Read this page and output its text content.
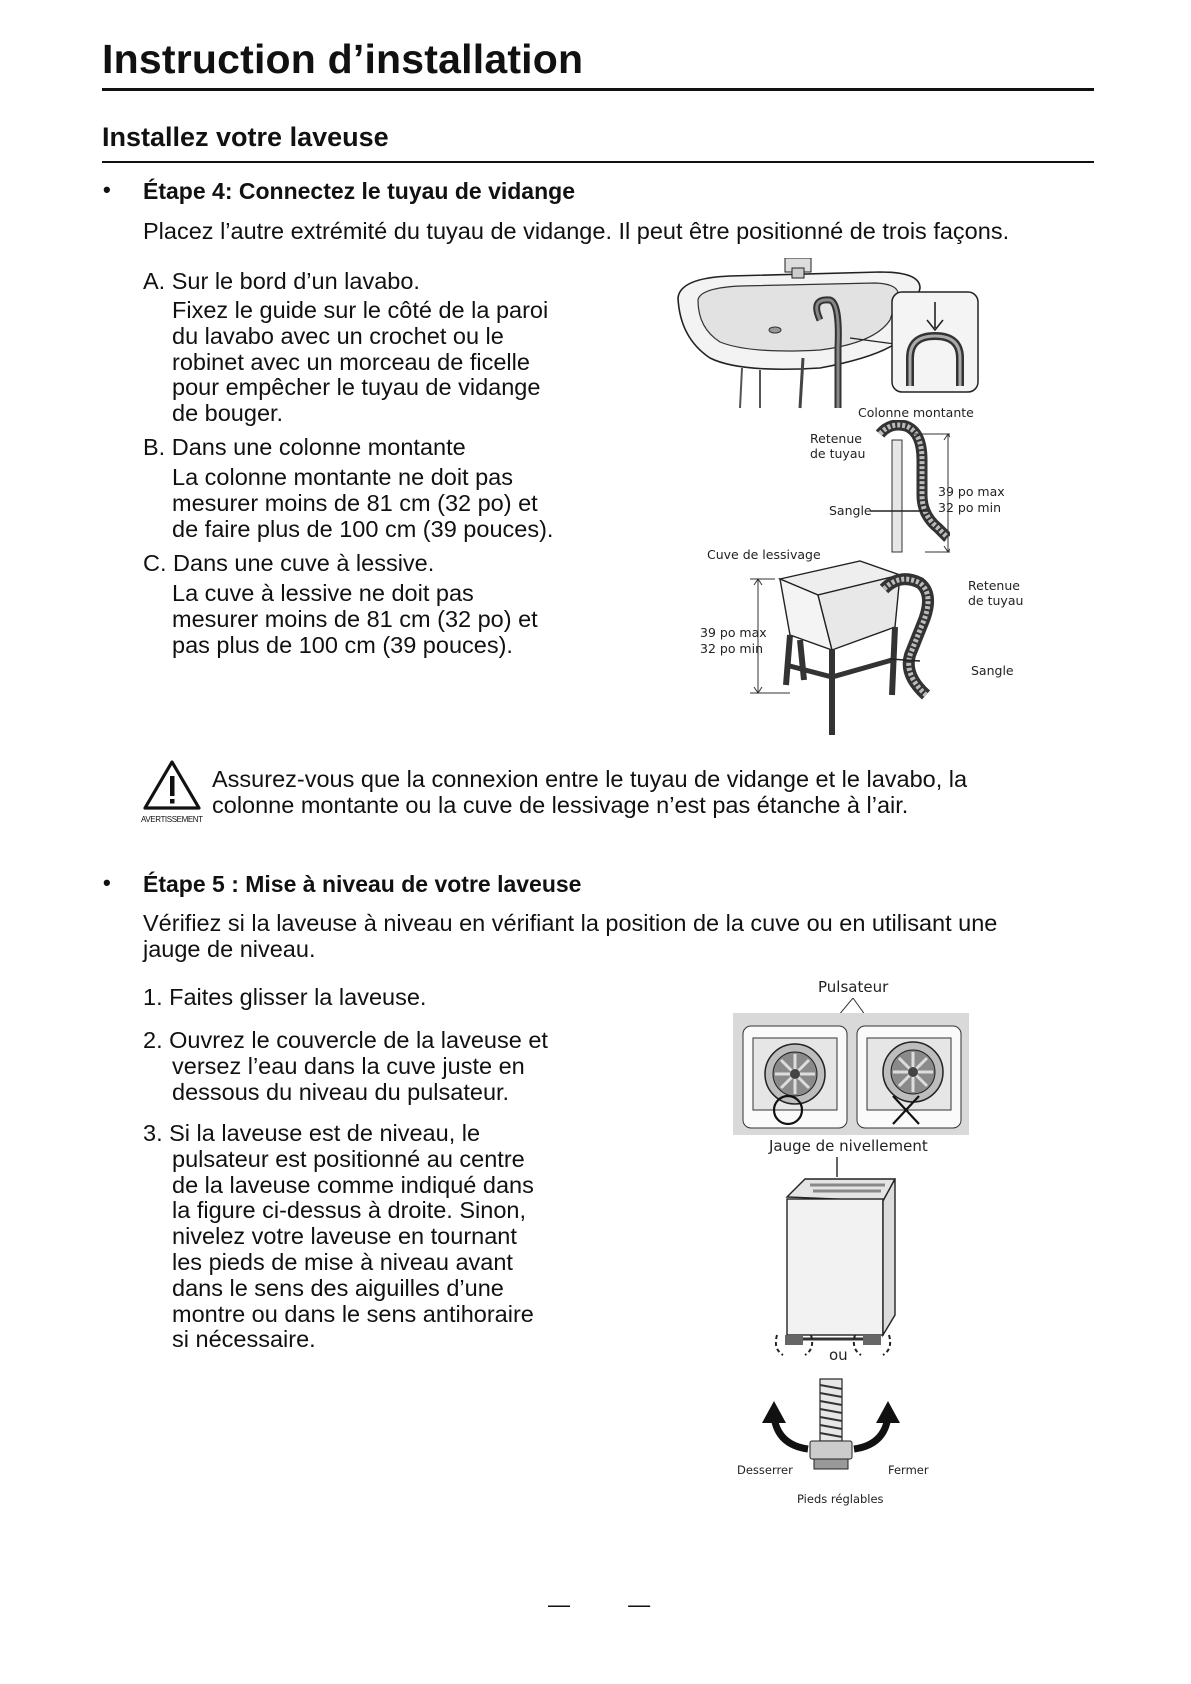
Instruction d’installation
Installez votre laveuse
• Étape 4: Connectez le tuyau de vidange
Placez l’autre extrémité du tuyau de vidange. Il peut être positionné de trois façons.
A. Sur le bord d’un lavabo.
Fixez le guide sur le côté de la paroi
du lavabo avec un crochet ou le
robinet avec un morceau de ficelle
pour empêcher le tuyau de vidange
de bouger.
B. Dans une colonne montante
La colonne montante ne doit pas
mesurer moins de 81 cm (32 po) et
de faire plus de 100 cm (39 pouces).
C. Dans une cuve à lessive.
La cuve à lessive ne doit pas
mesurer moins de 81 cm (32 po) et
pas plus de 100 cm (39 pouces).
Colonne montante
Retenue
de tuyau
Sangle
39 po max
32 po min
Cuve de lessivage
Retenue
de tuyau
39 po max
32 po min
Sangle
AVERTISSEMENT
Assurez-vous que la connexion entre le tuyau de vidange et le lavabo, la
colonne montante ou la cuve de lessivage n’est pas étanche à l’air.
• Étape 5 : Mise à niveau de votre laveuse
Vérifiez si la laveuse à niveau en vérifiant la position de la cuve ou en utilisant une
jauge de niveau.
1. Faites glisser la laveuse.
2. Ouvrez le couvercle de la laveuse et
versez l’eau dans la cuve juste en
dessous du niveau du pulsateur.
3. Si la laveuse est de niveau, le
pulsateur est positionné au centre
de la laveuse comme indiqué dans
la figure ci-dessus à droite. Sinon,
nivelez votre laveuse en tournant
les pieds de mise à niveau avant
dans le sens des aiguilles d’une
montre ou dans le sens antihoraire
si nécessaire.
Pulsateur
Jauge de nivellement
ou
Desserrer	Fermer
Pieds réglables
— —
